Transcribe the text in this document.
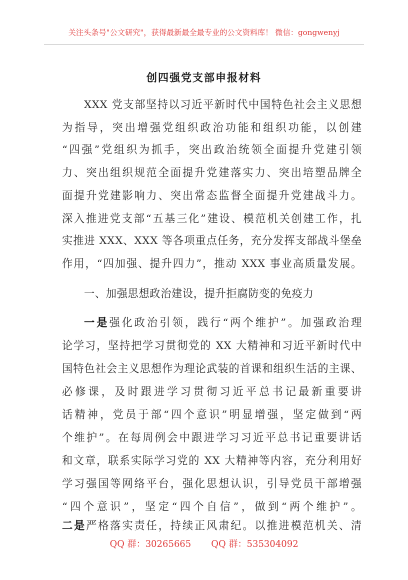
关注头条号"公文研究"，获得最新最全最专业的公文资料库！ 微信：gongwenyj
创四强党支部申报材料
XXX 党支部坚持以习近平新时代中国特色社会主义思想
为指导，突出增强党组织政治功能和组织功能，以创建
“四强”党组织为抓手，突出政治统领全面提升党建引领
力、突出组织规范全面提升党建落实力、突出培塑品牌全
面提升党建影响力、突出常态监督全面提升党建战斗力。
深入推进党支部“五基三化”建设、模范机关创建工作，扎
实推进 XXX、XXX 等各项重点任务，充分发挥支部战斗堡垒
作用，“四加强、提升四力”，推动 XXX 事业高质量发展。
一、加强思想政治建设，提升拒腐防变的免疫力
一是强化政治引领，践行“两个维护”。加强政治理
论学习，坚持把学习贯彻党的 XX 大精神和习近平新时代中
国特色社会主义思想作为理论武装的首课和组织生活的主课、
必修课，及时跟进学习贯彻习近平总书记最新重要讲
话精神，党员于部“四个意识”明显增强，坚定做到“两
个维护”。在每周例会中跟进学习习近平总书记重要讲话
和文章，联系实际学习党的 XX 大精神等内容，充分利用好
学习强国等网络平台，强化思想认识，引导党员干部增强
“四个意识”，坚定“四个自信”，做到“两个维护”。
二是严格落实责任，持续正风肃纪。以推进模范机关、清
QQ 群：30265665 QQ 群：535304092
